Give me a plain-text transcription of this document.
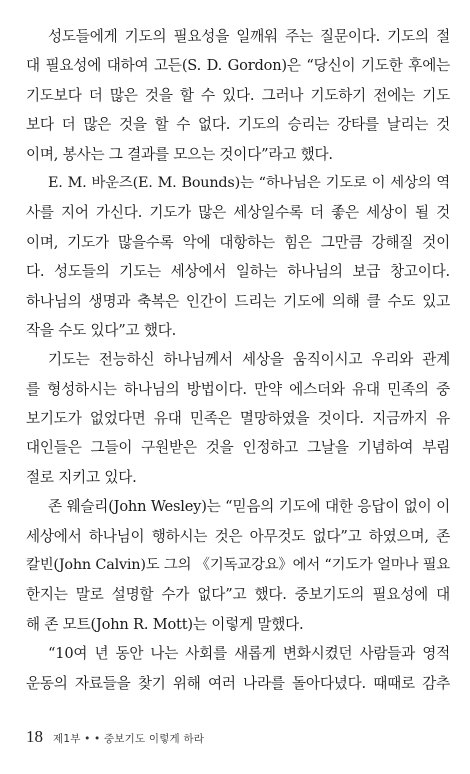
성도들에게 기도의 필요성을 일깨워 주는 질문이다. 기도의 절
대 필요성에 대하여 고든(S. D. Gordon)은 “당신이 기도한 후에는
기도보다 더 많은 것을 할 수 있다. 그러나 기도하기 전에는 기도
보다 더 많은 것을 할 수 없다. 기도의 승리는 강타를 날리는 것
이며, 봉사는 그 결과를 모으는 것이다”라고 했다.
E. M. 바운즈(E. M. Bounds)는 “하나님은 기도로 이 세상의 역
사를 지어 가신다. 기도가 많은 세상일수록 더 좋은 세상이 될 것
이며, 기도가 많을수록 악에 대항하는 힘은 그만큼 강해질 것이
다. 성도들의 기도는 세상에서 일하는 하나님의 보급 창고이다.
하나님의 생명과 축복은 인간이 드리는 기도에 의해 클 수도 있고
작을 수도 있다”고 했다.
기도는 전능하신 하나님께서 세상을 움직이시고 우리와 관계
를 형성하시는 하나님의 방법이다. 만약 에스더와 유대 민족의 중
보기도가 없었다면 유대 민족은 멸망하였을 것이다. 지금까지 유
대인들은 그들이 구원받은 것을 인정하고 그날을 기념하여 부림
절로 지키고 있다.
존 웨슬리(John Wesley)는 “믿음의 기도에 대한 응답이 없이 이
세상에서 하나님이 행하시는 것은 아무것도 없다”고 하였으며, 존
칼빈(John Calvin)도 그의 《기독교강요》에서 “기도가 얼마나 필요
한지는 말로 설명할 수가 없다”고 했다. 중보기도의 필요성에 대
해 존 모트(John R. Mott)는 이렇게 말했다.
“10여 년 동안 나는 사회를 새롭게 변화시켰던 사람들과 영적
운동의 자료들을 찾기 위해 여러 나라를 돌아다녔다. 때때로 감추
18 제1부 • • 중보기도 이렇게 하라
